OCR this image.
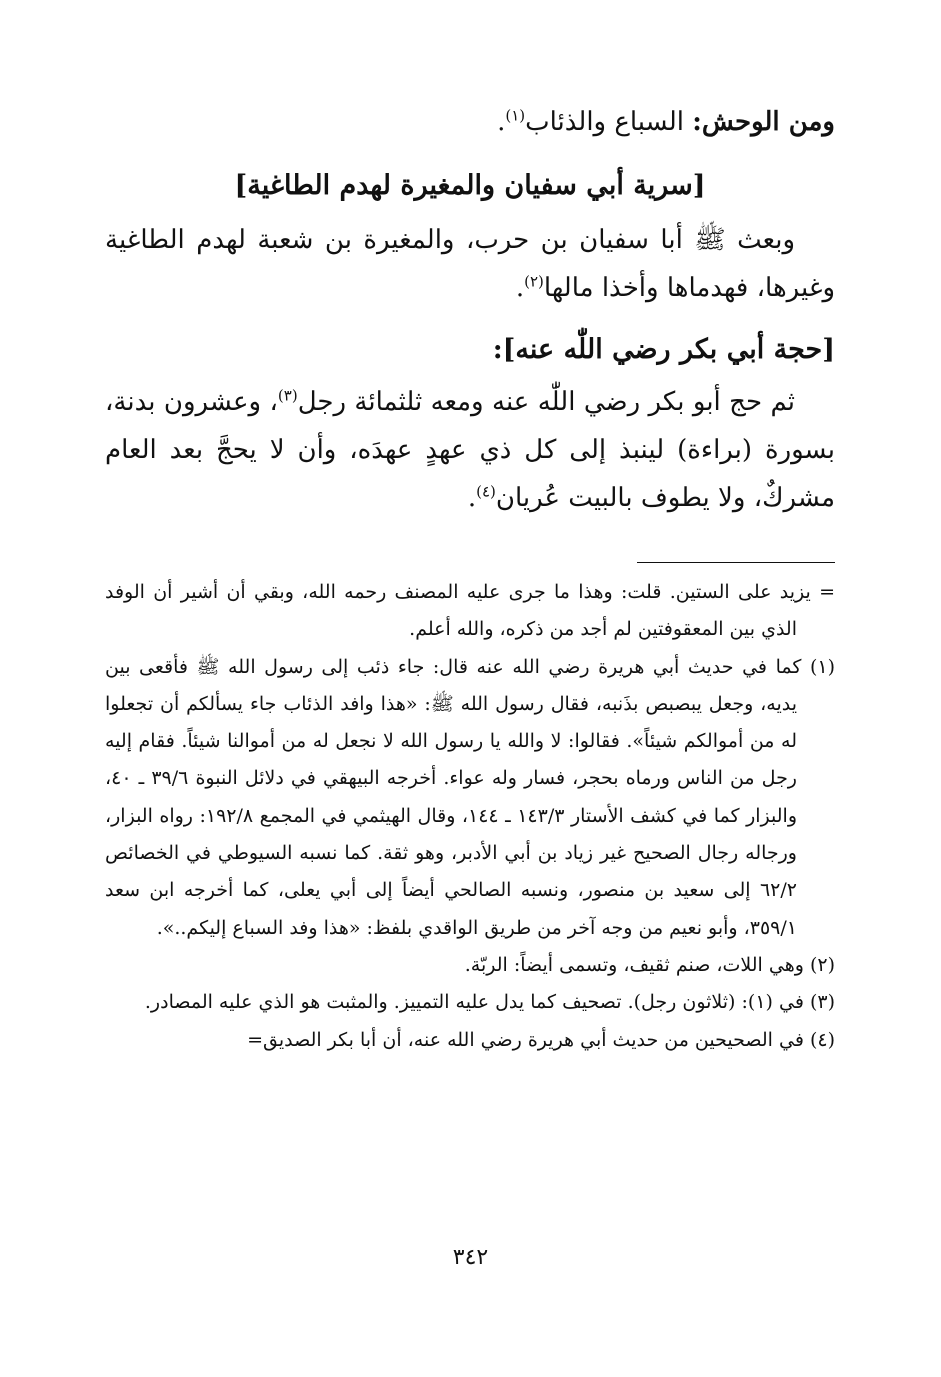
ومن الوحش: السباع والذئاب$^{(١)}$.

[سرية أبي سفيان والمغيرة لهدم الطاغية]

وبعث ﷺ أبا سفيان بن حرب، والمغيرة بن شعبة لهدم الطاغية وغيرها، فهدماها وأخذا مالها$^{(٢)}$.

[حجة أبي بكر رضي اللّٰه عنه]:

ثم حج أبو بكر رضي اللّٰه عنه ومعه ثلثمائة رجل$^{(٣)}$، وعشرون بدنة، بسورة (براءة) لينبذ إلى كل ذي عهدٍ عهدَه، وأن لا يحجَّ بعد العام مشركٌ، ولا يطوف بالبيت عُريان$^{(٤)}$.

= يزيد على الستين. قلت: وهذا ما جرى عليه المصنف رحمه الله، وبقي أن أشير أن الوفد الذي بين المعقوفتين لم أجد من ذكره، والله أعلم.

(١) كما في حديث أبي هريرة رضي الله عنه قال: جاء ذئب إلى رسول الله ﷺ فأقعى بين يديه، وجعل يبصبص بذَنبه، فقال رسول الله ﷺ: «هذا وافد الذئاب جاء يسألكم أن تجعلوا له من أموالكم شيئاً». فقالوا: لا والله يا رسول الله لا نجعل له من أموالنا شيئاً. فقام إليه رجل من الناس ورماه بحجر، فسار وله عواء. أخرجه البيهقي في دلائل النبوة ٣٩/٦ ـ ٤٠، والبزار كما في كشف الأستار ١٤٣/٣ ـ ١٤٤، وقال الهيثمي في المجمع ١٩٢/٨: رواه البزار، ورجاله رجال الصحيح غير زياد بن أبي الأدبر، وهو ثقة. كما نسبه السيوطي في الخصائص ٦٢/٢ إلى سعيد بن منصور، ونسبه الصالحي أيضاً إلى أبي يعلى، كما أخرجه ابن سعد ٣٥٩/١، وأبو نعيم من وجه آخر من طريق الواقدي بلفظ: «هذا وفد السباع إليكم..».

(٢) وهي اللات، صنم ثقيف، وتسمى أيضاً: الربّة.

(٣) في (١): (ثلاثون رجل). تصحيف كما يدل عليه التمييز. والمثبت هو الذي عليه المصادر.

(٤) في الصحيحين من حديث أبي هريرة رضي الله عنه، أن أبا بكر الصديق=

٣٤٢
